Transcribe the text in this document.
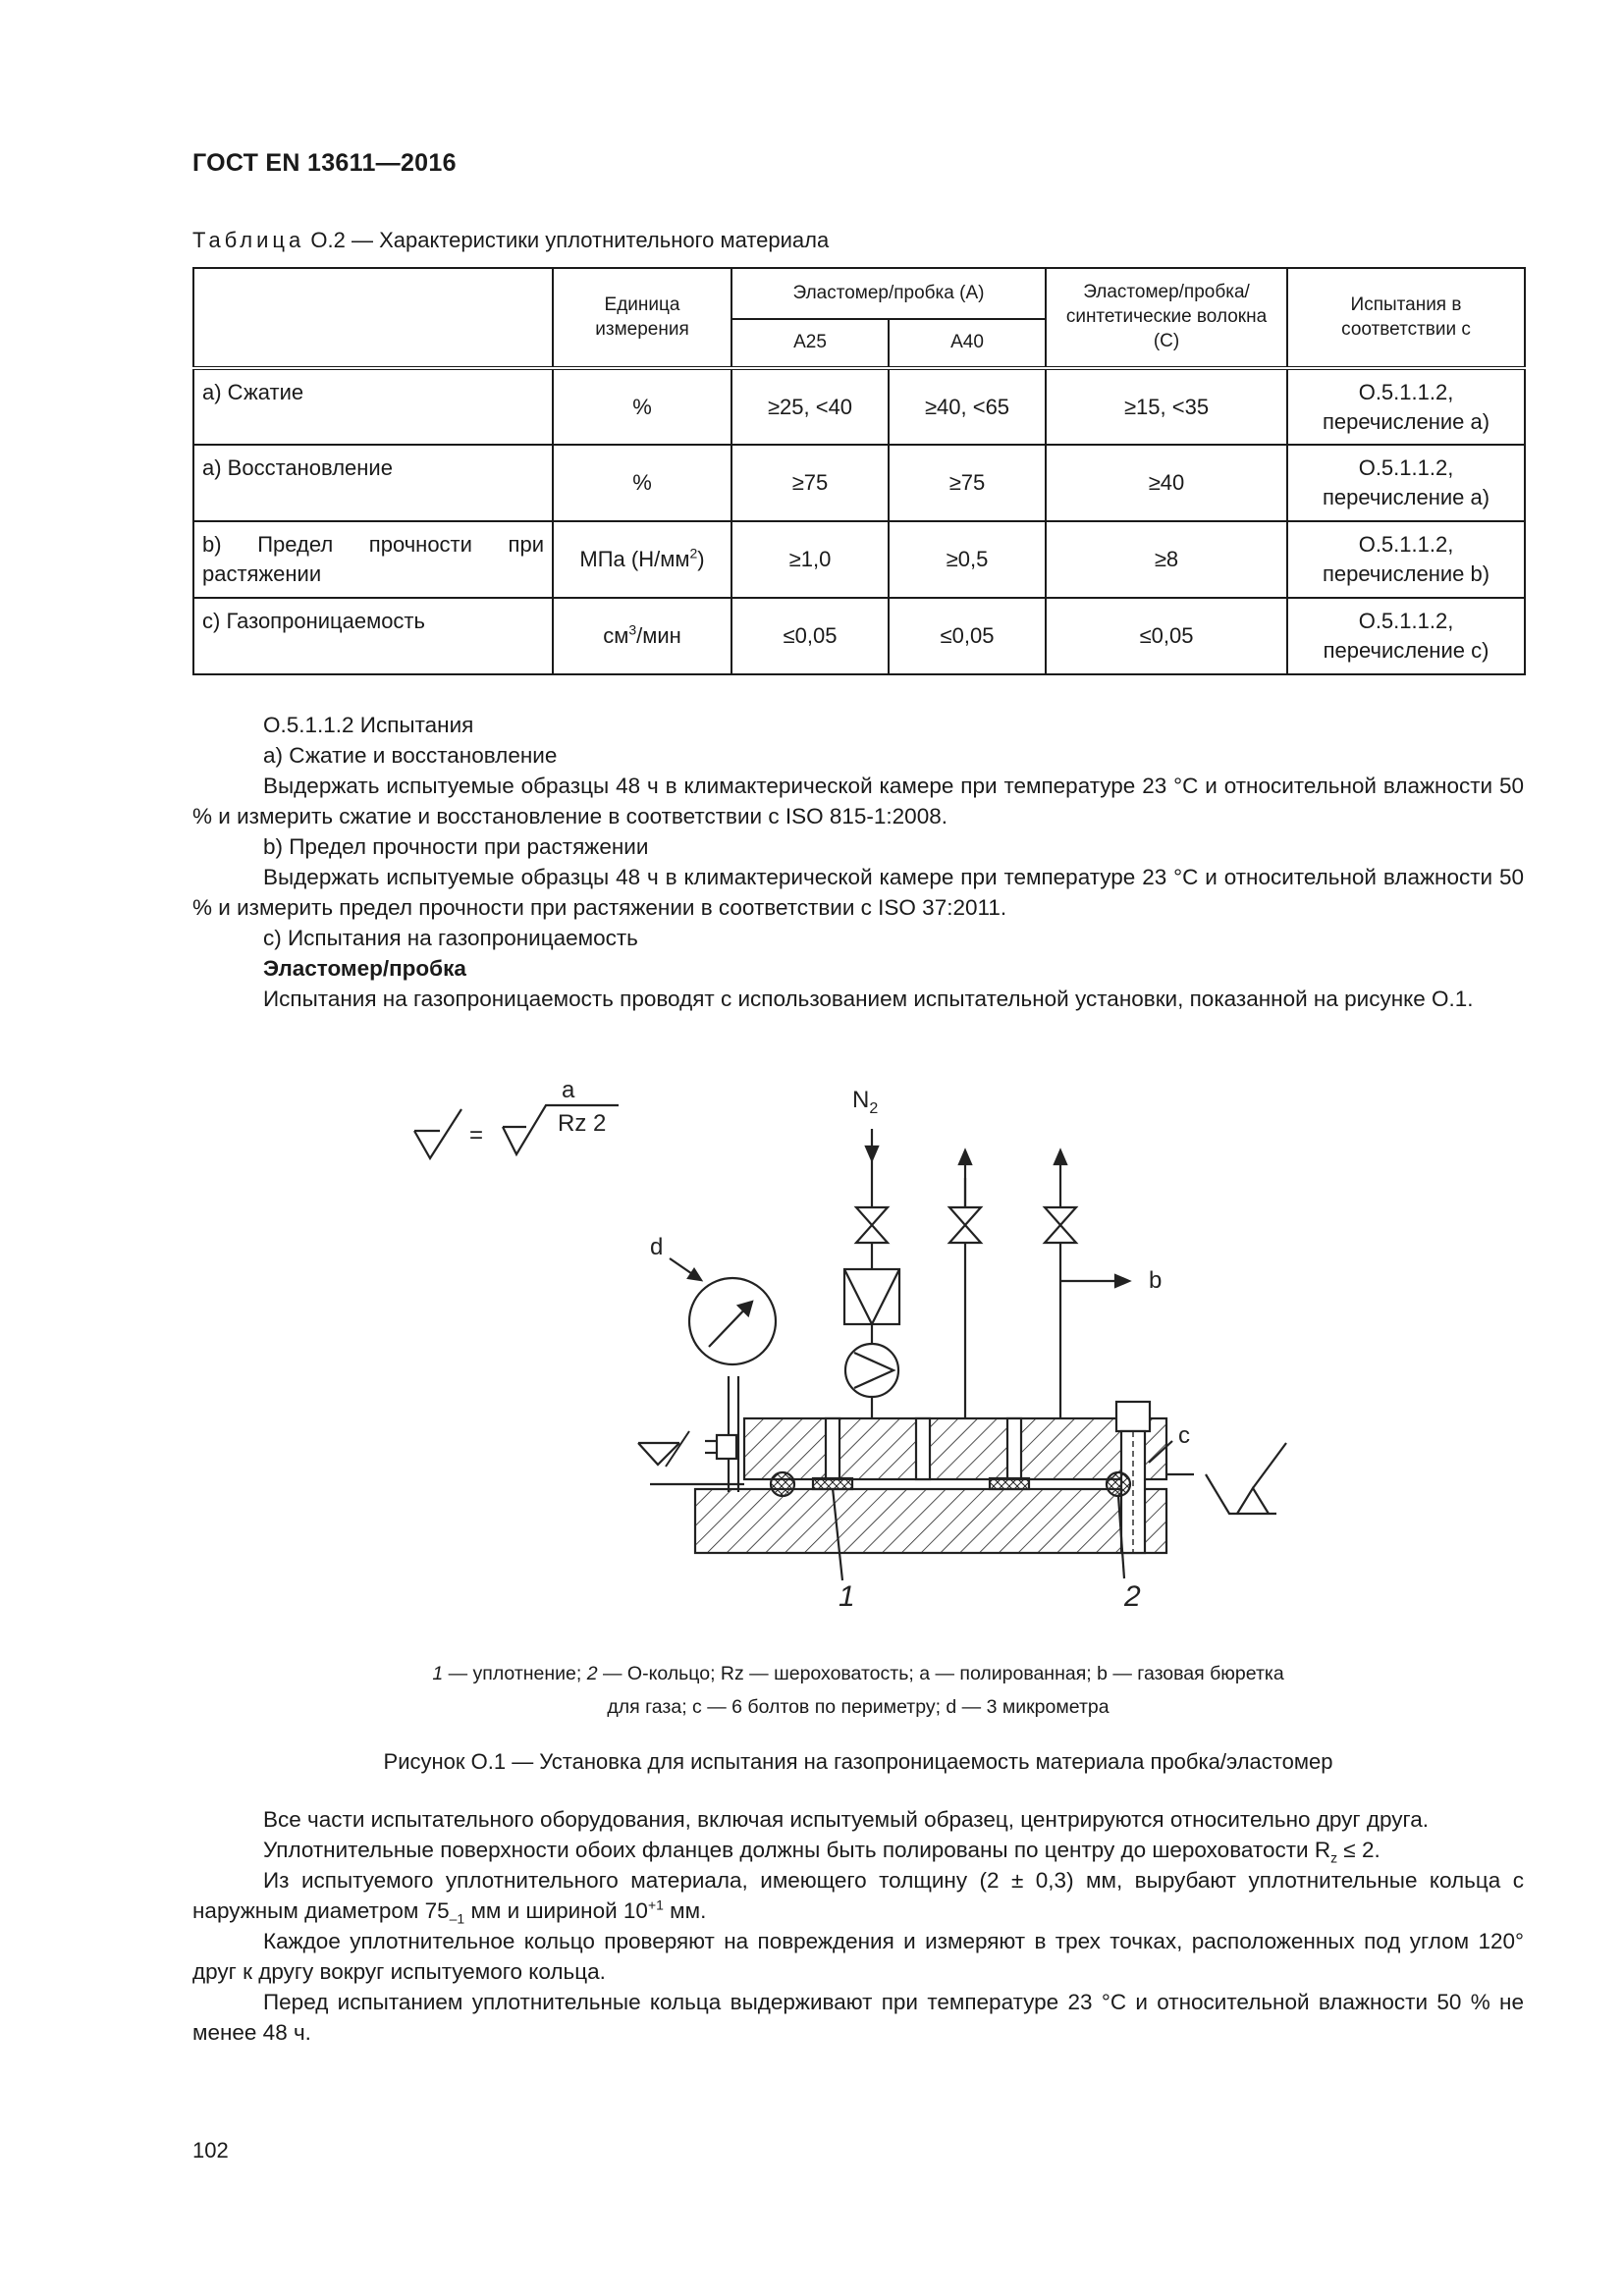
ГОСТ EN 13611—2016
Таблица О.2 — Характеристики уплотнительного материала
	Единица измерения	Эластомер/пробка (А)		Эластомер/пробка/ синтетические волокна (С)	Испытания в соответствии с
		А25	А40		
а) Сжатие	%	≥25, <40	≥40, <65	≥15, <35	О.5.1.1.2, перечисление а)
а) Восстановление	%	≥75	≥75	≥40	О.5.1.1.2, перечисление а)
b) Предел прочности при растяжении	МПа $(Н/мм^2)$	≥1,0	≥0,5	≥8	О.5.1.1.2, перечисление b)
с) Газопроницаемость	$см^3$/мин	≤0,05	≤0,05	≤0,05	О.5.1.1.2, перечисление с)

О.5.1.1.2 Испытания

а) Сжатие и восстановление

Выдержать испытуемые образцы 48 ч в климактерической камере при температуре 23 °С и относительной влажности 50 % и измерить сжатие и восстановление в соответствии с ISO 815-1:2008.

b) Предел прочности при растяжении

Выдержать испытуемые образцы 48 ч в климактерической камере при температуре 23 °С и относительной влажности 50 % и измерить предел прочности при растяжении в соответствии с ISO 37:2011.

с) Испытания на газопроницаемость

Эластомер/пробка

Испытания на газопроницаемость проводят с использованием испытательной установки, показанной на рисунке О.1.

=
a
Rz 2
$N_2$
b
c
d
1	2
1 — уплотнение; 2 — О-кольцо; Rz — шероховатость; a — полированная; b — газовая бюретка
для газа; c — 6 болтов по периметру; d — 3 микрометра
Рисунок О.1 — Установка для испытания на газопроницаемость материала пробка/эластомер

Все части испытательного оборудования, включая испытуемый образец, центрируются относительно друг друга.

Уплотнительные поверхности обоих фланцев должны быть полированы по центру до шероховатости $R_z \le 2$.

Из испытуемого уплотнительного материала, имеющего толщину (2 ± 0,3) мм, вырубают уплотнительные кольца с наружным диаметром $75_{-1}$ мм и шириной $10^{+1}$ мм.

Каждое уплотнительное кольцо проверяют на повреждения и измеряют в трех точках, расположенных под углом 120° друг к другу вокруг испытуемого кольца.

Перед испытанием уплотнительные кольца выдерживают при температуре 23 °С и относительной влажности 50 % не менее 48 ч.

102
